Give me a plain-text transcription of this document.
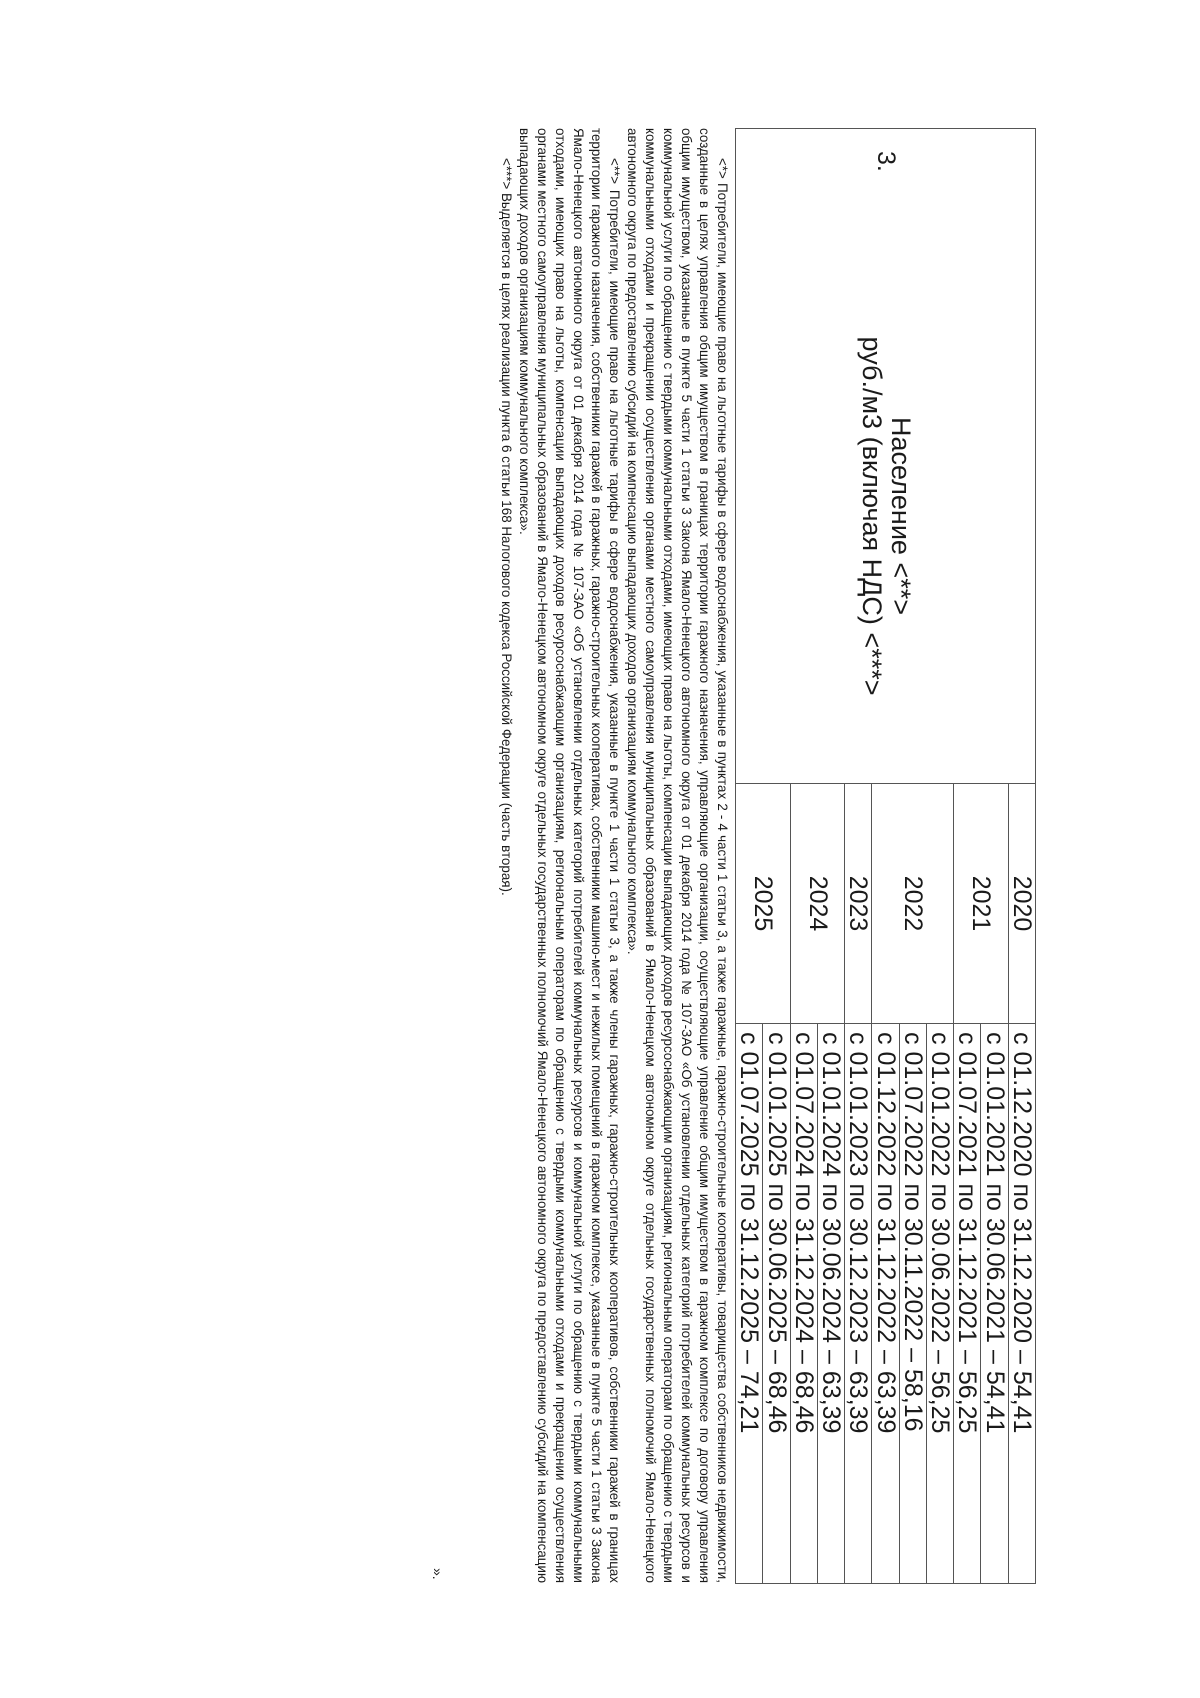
3.
Население <**>
руб./м3 (включая НДС) <***>	2020	с 01.12.2020 по 31.12.2020 – 54,41
	2021	с 01.01.2021 по 30.06.2021 – 54,41
		с 01.07.2021 по 31.12.2021 – 56,25
	2022	с 01.01.2022 по 30.06.2022 – 56,25
		с 01.07.2022 по 30.11.2022 – 58,16
		с 01.12.2022 по 31.12.2022 – 63,39
	2023	с 01.01.2023 по 30.12.2023 – 63,39
	2024	с 01.01.2024 по 30.06.2024 – 63,39
		с 01.07.2024 по 31.12.2024 – 68,46
	2025	с 01.01.2025 по 30.06.2025 – 68,46
		с 01.07.2025 по 31.12.2025 – 74,21

<*> Потребители, имеющие право на льготные тарифы в сфере водоснабжения, указанные в пунктах 2 - 4 части 1 статьи 3, а также гаражные, гаражно-строительные кооперативы, товарищества собственников недвижимости, созданные в целях управления общим имуществом в границах территории гаражного назначения, управляющие организации, осуществляющие управление общим имуществом в гаражном комплексе по договору управления общим имуществом, указанные в пункте 5 части 1 статьи 3 Закона Ямало-Ненецкого автономного округа от 01 декабря 2014 года № 107-ЗАО «Об установлении отдельных категорий потребителей коммунальных ресурсов и коммунальной услуги по обращению с твердыми коммунальными отходами, имеющих право на льготы, компенсации выпадающих доходов ресурсоснабжающим организациям, региональным операторам по обращению с твердыми коммунальными отходами и прекращении осуществления органами местного самоуправления муниципальных образований в Ямало-Ненецком автономном округе отдельных государственных полномочий Ямало-Ненецкого автономного округа по предоставлению субсидий на компенсацию выпадающих доходов организациям коммунального комплекса».

<**> Потребители, имеющие право на льготные тарифы в сфере водоснабжения, указанные в пункте 1 части 1 статьи 3, а также члены гаражных, гаражно-строительных кооперативов, собственники гаражей в границах территории гаражного назначения, собственники гаражей в гаражных, гаражно-строительных кооперативах, собственники машино-мест и нежилых помещений в гаражном комплексе, указанные в пункте 5 части 1 статьи 3 Закона Ямало-Ненецкого автономного округа от 01 декабря 2014 года № 107-ЗАО «Об установлении отдельных категорий потребителей коммунальных ресурсов и коммунальной услуги по обращению с твердыми коммунальными отходами, имеющих право на льготы, компенсации выпадающих доходов ресурсоснабжающим организациям, региональным операторам по обращению с твердыми коммунальными отходами и прекращении осуществления органами местного самоуправления муниципальных образований в Ямало-Ненецком автономном округе отдельных государственных полномочий Ямало-Ненецкого автономного округа по предоставлению субсидий на компенсацию выпадающих доходов организациям коммунального комплекса».

<***> Выделяется в целях реализации пункта 6 статьи 168 Налогового кодекса Российской Федерации (часть вторая).

».
